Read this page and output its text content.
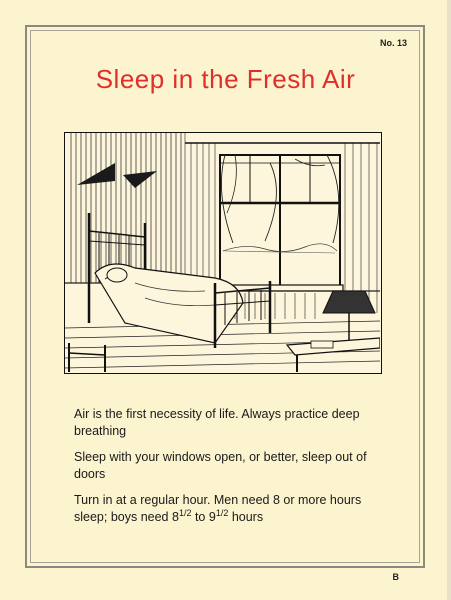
No. 13
Sleep in the Fresh Air

Air is the first necessity of life. Always practice deep breathing

Sleep with your windows open, or better, sleep out of doors

Turn in at a regular hour. Men need 8 or more hours sleep; boys need $8^{1/2}$ to $9^{1/2}$ hours

B
